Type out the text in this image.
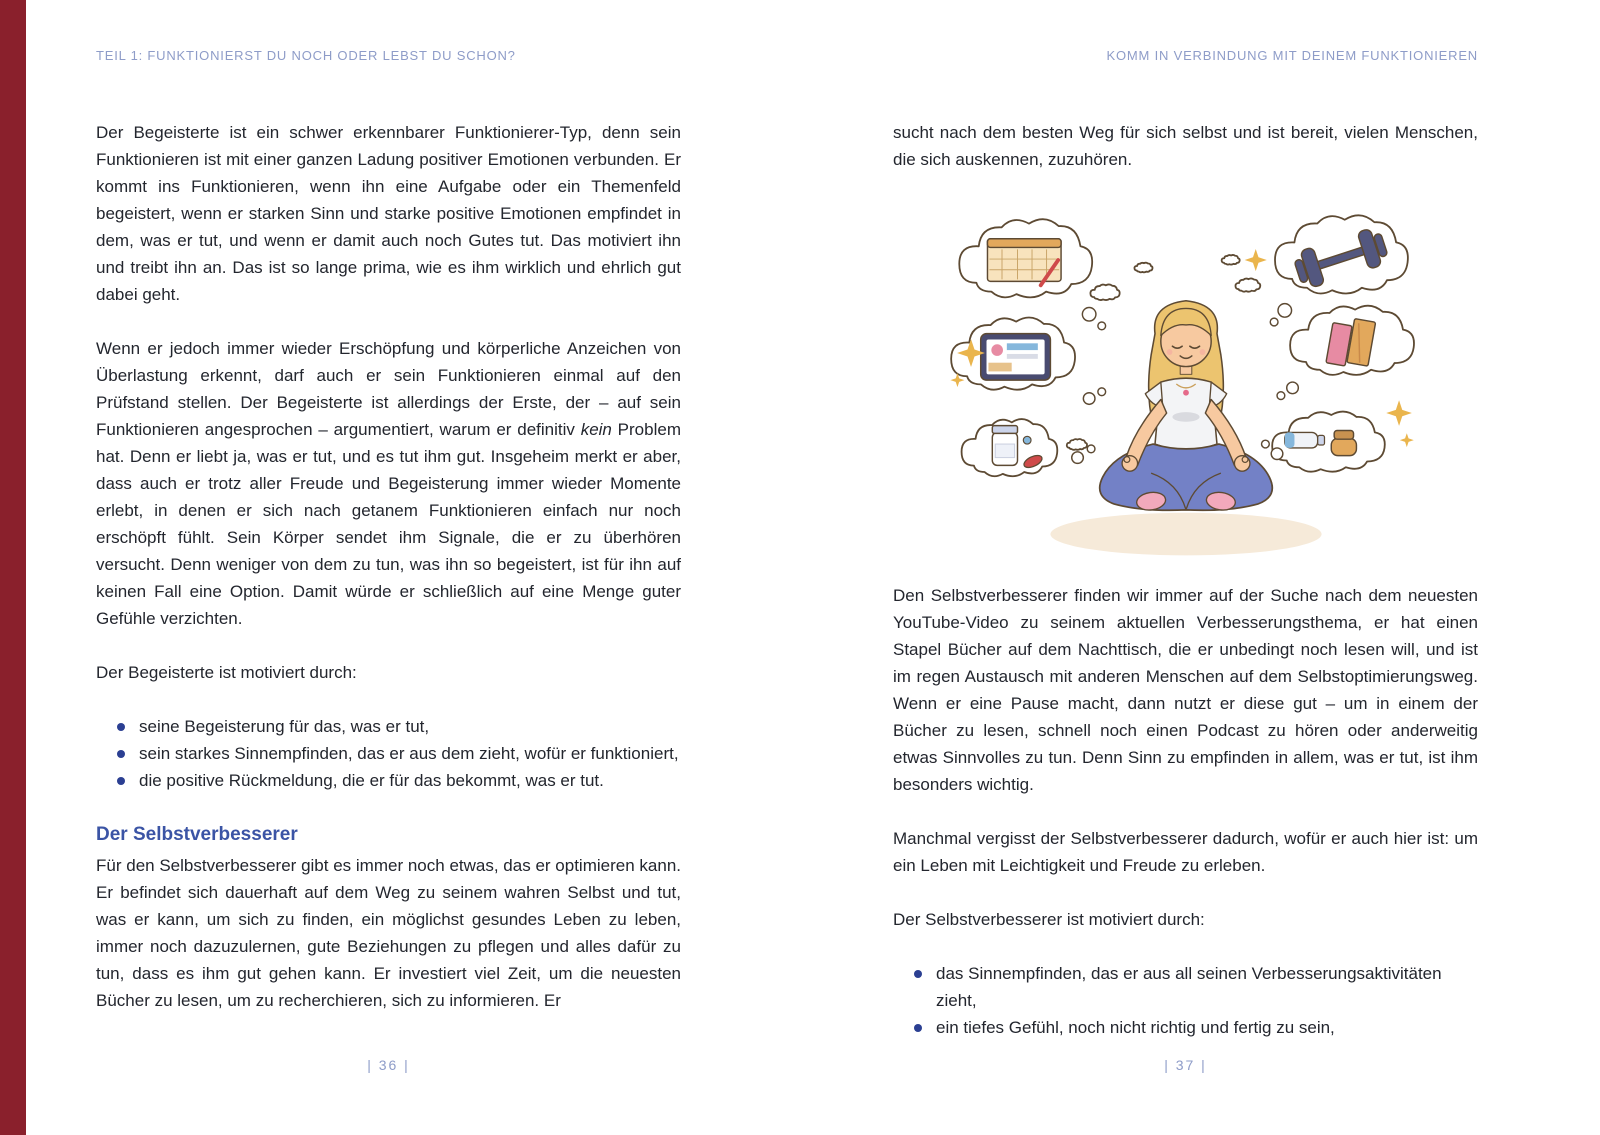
TEIL 1: FUNKTIONIERST DU NOCH ODER LEBST DU SCHON?

Der Begeisterte ist ein schwer erkennbarer Funktionierer-Typ, denn sein Funktionieren ist mit einer ganzen Ladung positiver Emotionen verbunden. Er kommt ins Funktionieren, wenn ihn eine Aufgabe oder ein Themenfeld begeistert, wenn er starken Sinn und starke positive Emotionen empfindet in dem, was er tut, und wenn er damit auch noch Gutes tut. Das motiviert ihn und treibt ihn an. Das ist so lange prima, wie es ihm wirklich und ehrlich gut dabei geht.

Wenn er jedoch immer wieder Erschöpfung und körperliche Anzeichen von Überlastung erkennt, darf auch er sein Funktionieren einmal auf den Prüfstand stellen. Der Begeisterte ist allerdings der Erste, der – auf sein Funktionieren angesprochen – argumentiert, warum er definitiv kein Problem hat. Denn er liebt ja, was er tut, und es tut ihm gut. Insgeheim merkt er aber, dass auch er trotz aller Freude und Begeisterung immer wieder Momente erlebt, in denen er sich nach getanem Funktionieren einfach nur noch erschöpft fühlt. Sein Körper sendet ihm Signale, die er zu überhören versucht. Denn weniger von dem zu tun, was ihn so begeistert, ist für ihn auf keinen Fall eine Option. Damit würde er schließlich auf eine Menge guter Gefühle verzichten.

Der Begeisterte ist motiviert durch:

seine Begeisterung für das, was er tut,
sein starkes Sinnempfinden, das er aus dem zieht, wofür er funktioniert,
die positive Rückmeldung, die er für das bekommt, was er tut.
Der Selbstverbesserer

Für den Selbstverbesserer gibt es immer noch etwas, das er optimieren kann. Er befindet sich dauerhaft auf dem Weg zu seinem wahren Selbst und tut, was er kann, um sich zu finden, ein möglichst gesundes Leben zu leben, immer noch dazuzulernen, gute Beziehungen zu pflegen und alles dafür zu tun, dass es ihm gut gehen kann. Er investiert viel Zeit, um die neuesten Bücher zu lesen, um zu recherchieren, sich zu informieren. Er

| 36 |
KOMM IN VERBINDUNG MIT DEINEM FUNKTIONIEREN

sucht nach dem besten Weg für sich selbst und ist bereit, vielen Menschen, die sich auskennen, zuzuhören.

Den Selbstverbesserer finden wir immer auf der Suche nach dem neuesten YouTube-Video zu seinem aktuellen Verbesserungsthema, er hat einen Stapel Bücher auf dem Nachttisch, die er unbedingt noch lesen will, und ist im regen Austausch mit anderen Menschen auf dem Selbstoptimierungsweg. Wenn er eine Pause macht, dann nutzt er diese gut – um in einem der Bücher zu lesen, schnell noch einen Podcast zu hören oder anderweitig etwas Sinnvolles zu tun. Denn Sinn zu empfinden in allem, was er tut, ist ihm besonders wichtig.

Manchmal vergisst der Selbstverbesserer dadurch, wofür er auch hier ist: um ein Leben mit Leichtigkeit und Freude zu erleben.

Der Selbstverbesserer ist motiviert durch:

das Sinnempfinden, das er aus all seinen Verbesserungsaktivitäten zieht,
ein tiefes Gefühl, noch nicht richtig und fertig zu sein,
| 37 |
